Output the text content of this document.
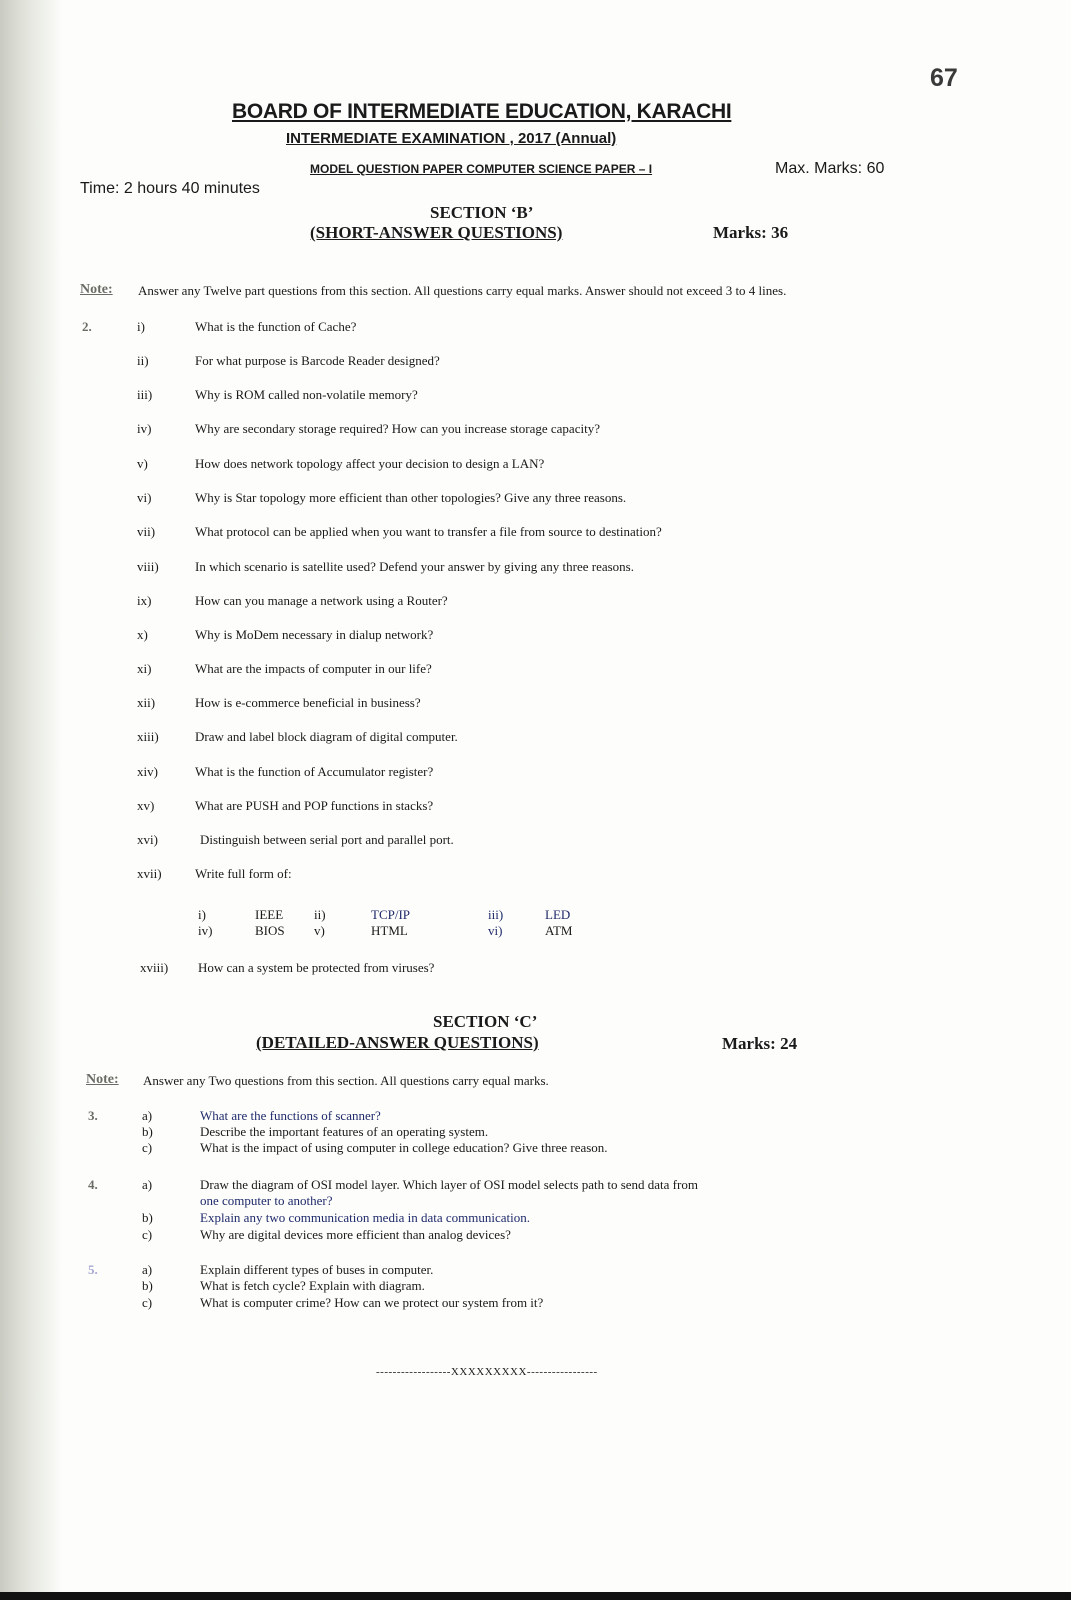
67
BOARD OF INTERMEDIATE EDUCATION, KARACHI
INTERMEDIATE EXAMINATION , 2017 (Annual)
MODEL QUESTION PAPER COMPUTER SCIENCE PAPER – I	Max. Marks: 60
Time: 2 hours 40 minutes
SECTION ‘B’
(SHORT-ANSWER QUESTIONS)	Marks: 36
Note: Answer any Twelve part questions from this section. All questions carry equal marks. Answer should not exceed 3 to 4 lines.
2.	i)	What is the function of Cache?
ii)	For what purpose is Barcode Reader designed?
iii)	Why is ROM called non-volatile memory?
iv)	Why are secondary storage required? How can you increase storage capacity?
v)	How does network topology affect your decision to design a LAN?
vi)	Why is Star topology more efficient than other topologies? Give any three reasons.
vii)	What protocol can be applied when you want to transfer a file from source to destination?
viii)	In which scenario is satellite used? Defend your answer by giving any three reasons.
ix)	How can you manage a network using a Router?
x)	Why is MoDem necessary in dialup network?
xi)	What are the impacts of computer in our life?
xii)	How is e-commerce beneficial in business?
xiii)	Draw and label block diagram of digital computer.
xiv)	What is the function of Accumulator register?
xv)	What are PUSH and POP functions in stacks?
xvi)	Distinguish between serial port and parallel port.
xvii)	Write full form of:
i)	IEEE ii)	TCP/IP	iii)	LED
iv)	BIOS v)	HTML	vi)	ATM
xviii) How can a system be protected from viruses?
SECTION ‘C’
(DETAILED-ANSWER QUESTIONS)	Marks: 24
Note: Answer any Two questions from this section. All questions carry equal marks.
3.	a)	What are the functions of scanner?
b)	Describe the important features of an operating system.
c)	What is the impact of using computer in college education? Give three reason.
4.	a)	Draw the diagram of OSI model layer. Which layer of OSI model selects path to send data from
one computer to another?
b)	Explain any two communication media in data communication.
c)	Why are digital devices more efficient than analog devices?
5.	a)	Explain different types of buses in computer.
b)	What is fetch cycle? Explain with diagram.
c)	What is computer crime? How can we protect our system from it?
------------------XXXXXXXXX-----------------
